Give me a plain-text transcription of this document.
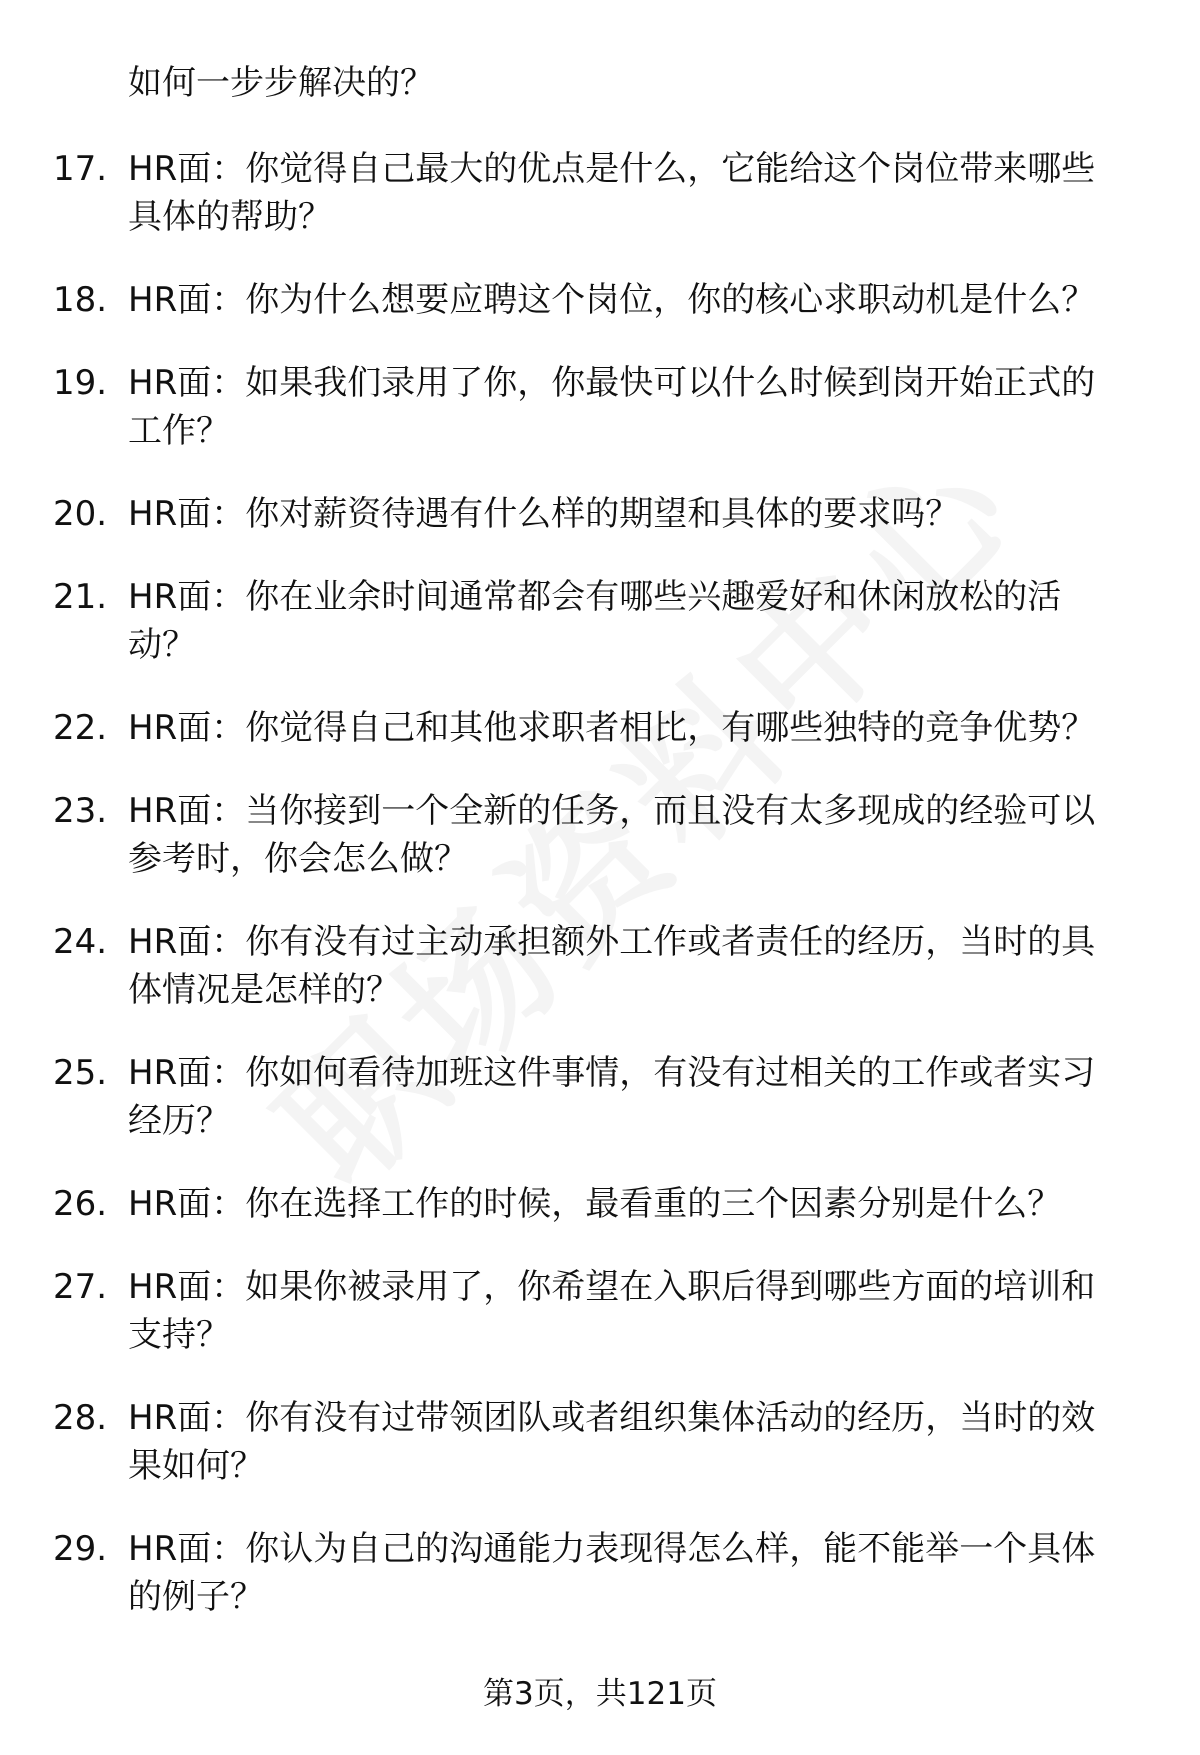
如何一步步解决的？
17. HR面：你觉得自己最大的优点是什么，它能给这个岗位带来哪些
具体的帮助？
18. HR面：你为什么想要应聘这个岗位，你的核心求职动机是什么？
19. HR面：如果我们录用了你，你最快可以什么时候到岗开始正式的
工作？
20. HR面：你对薪资待遇有什么样的期望和具体的要求吗？
21. HR面：你在业余时间通常都会有哪些兴趣爱好和休闲放松的活
动？
22. HR面：你觉得自己和其他求职者相比，有哪些独特的竞争优势？
23. HR面：当你接到一个全新的任务，而且没有太多现成的经验可以
参考时，你会怎么做？
24. HR面：你有没有过主动承担额外工作或者责任的经历，当时的具
体情况是怎样的？
25. HR面：你如何看待加班这件事情，有没有过相关的工作或者实习
经历？
26. HR面：你在选择工作的时候，最看重的三个因素分别是什么？
27. HR面：如果你被录用了，你希望在入职后得到哪些方面的培训和
支持？
28. HR面：你有没有过带领团队或者组织集体活动的经历，当时的效
果如何？
29. HR面：你认为自己的沟通能力表现得怎么样，能不能举一个具体
的例子？
第3页，共121页
